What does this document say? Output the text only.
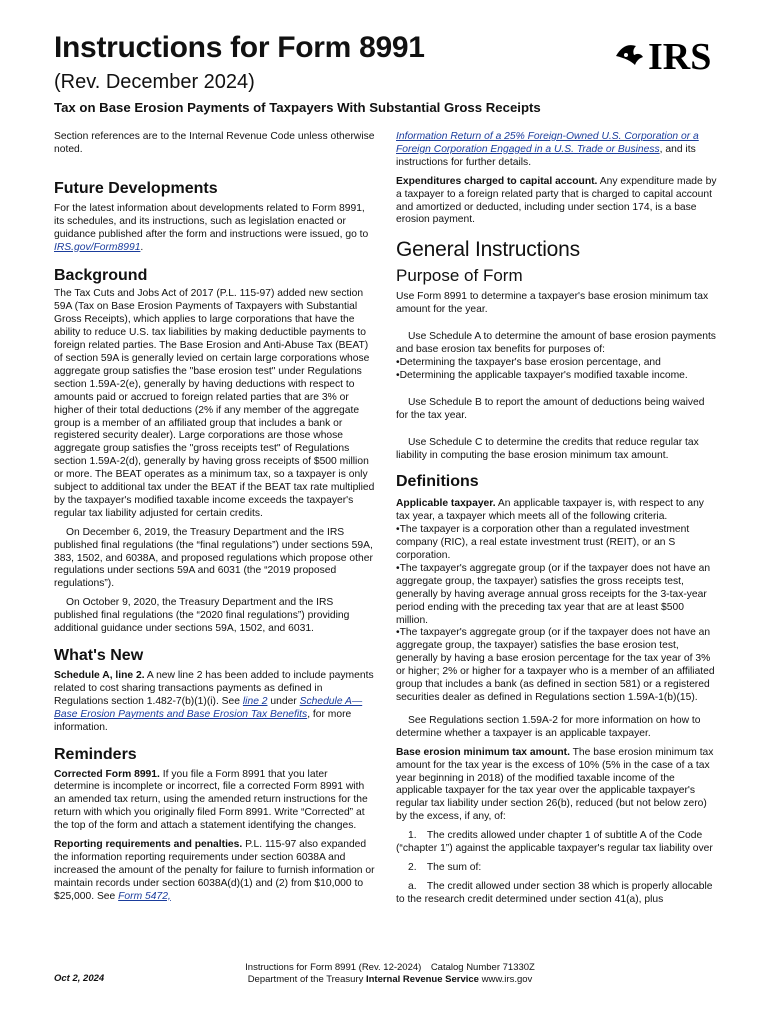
Instructions for Form 8991
(Rev. December 2024)
Tax on Base Erosion Payments of Taxpayers With Substantial Gross Receipts
IRS

Section references are to the Internal Revenue Code unless otherwise noted.

Future Developments

For the latest information about developments related to Form 8991, its schedules, and its instructions, such as legislation enacted or guidance published after the form and instructions were issued, go to IRS.gov/Form8991.

Background

The Tax Cuts and Jobs Act of 2017 (P.L. 115-97) added new section 59A (Tax on Base Erosion Payments of Taxpayers with Substantial Gross Receipts), which applies to large corporations that have the ability to reduce U.S. tax liabilities by making deductible payments to foreign related parties. The Base Erosion and Anti-Abuse Tax (BEAT) of section 59A is generally levied on certain large corporations whose aggregate group satisfies the "base erosion test" under Regulations section 1.59A-2(e), generally by having deductions with respect to amounts paid or accrued to foreign related parties that are 3% or higher of their total deductions (2% if any member of the aggregate group is a member of an affiliated group that includes a bank or registered security dealer). Large corporations are those whose aggregate group satisfies the "gross receipts test" of Regulations section 1.59A-2(d), generally by having gross receipts of $500 million or more. The BEAT operates as a minimum tax, so a taxpayer is only subject to additional tax under the BEAT if the BEAT tax rate multiplied by the taxpayer's modified taxable income exceeds the taxpayer's regular tax liability adjusted for certain credits.

On December 6, 2019, the Treasury Department and the IRS published final regulations (the “final regulations”) under sections 59A, 383, 1502, and 6038A, and proposed regulations which propose other regulations under sections 59A and 6031 (the “2019 proposed regulations”).

On October 9, 2020, the Treasury Department and the IRS published final regulations (the “2020 final regulations”) providing additional guidance under sections 59A, 1502, and 6031.

What's New

Schedule A, line 2. A new line 2 has been added to include payments related to cost sharing transactions payments as defined in Regulations section 1.482-7(b)(1)(i). See line 2 under Schedule A—Base Erosion Payments and Base Erosion Tax Benefits, for more information.

Reminders

Corrected Form 8991. If you file a Form 8991 that you later determine is incomplete or incorrect, file a corrected Form 8991 with an amended tax return, using the amended return instructions for the return with which you originally filed Form 8991. Write “Corrected” at the top of the form and attach a statement identifying the changes.

Reporting requirements and penalties. P.L. 115-97 also expanded the information reporting requirements under section 6038A and increased the amount of the penalty for failure to furnish information or maintain records under section 6038A(d)(1) and (2) from $10,000 to $25,000. See Form 5472,

Information Return of a 25% Foreign-Owned U.S. Corporation or a Foreign Corporation Engaged in a U.S. Trade or Business, and its instructions for further details.

Expenditures charged to capital account. Any expenditure made by a taxpayer to a foreign related party that is charged to capital account and amortized or deducted, including under section 174, is a base erosion payment.

General Instructions
Purpose of Form

Use Form 8991 to determine a taxpayer's base erosion minimum tax amount for the year.

Use Schedule A to determine the amount of base erosion payments and base erosion tax benefits for purposes of:

•Determining the taxpayer's base erosion percentage, and

•Determining the applicable taxpayer's modified taxable income.

Use Schedule B to report the amount of deductions being waived for the tax year.

Use Schedule C to determine the credits that reduce regular tax liability in computing the base erosion minimum tax amount.

Definitions

Applicable taxpayer. An applicable taxpayer is, with respect to any tax year, a taxpayer which meets all of the following criteria.

•The taxpayer is a corporation other than a regulated investment company (RIC), a real estate investment trust (REIT), or an S corporation.

•The taxpayer's aggregate group (or if the taxpayer does not have an aggregate group, the taxpayer) satisfies the gross receipts test, generally by having average annual gross receipts for the 3-tax-year period ending with the preceding tax year that are at least $500 million.

•The taxpayer's aggregate group (or if the taxpayer does not have an aggregate group, the taxpayer) satisfies the base erosion test, generally by having a base erosion percentage for the tax year of 3% or higher; 2% or higher for a taxpayer who is a member of an affiliated group that includes a bank (as defined in section 581) or a registered securities dealer as defined in Regulations section 1.59A-1(b)(15).

See Regulations section 1.59A-2 for more information on how to determine whether a taxpayer is an applicable taxpayer.

Base erosion minimum tax amount. The base erosion minimum tax amount for the tax year is the excess of 10% (5% in the case of a tax year beginning in 2018) of the modified taxable income of the applicable taxpayer for the tax year over the applicable taxpayer's regular tax liability under section 26(b), reduced (but not below zero) by the excess, if any, of:

1. The credits allowed under chapter 1 of subtitle A of the Code (“chapter 1”) against the applicable taxpayer's regular tax liability over

2. The sum of:

a. The credit allowed under section 38 which is properly allocable to the research credit determined under section 41(a), plus

Oct 2, 2024
Instructions for Form 8991 (Rev. 12-2024) Catalog Number 71330Z
Department of the Treasury Internal Revenue Service www.irs.gov
